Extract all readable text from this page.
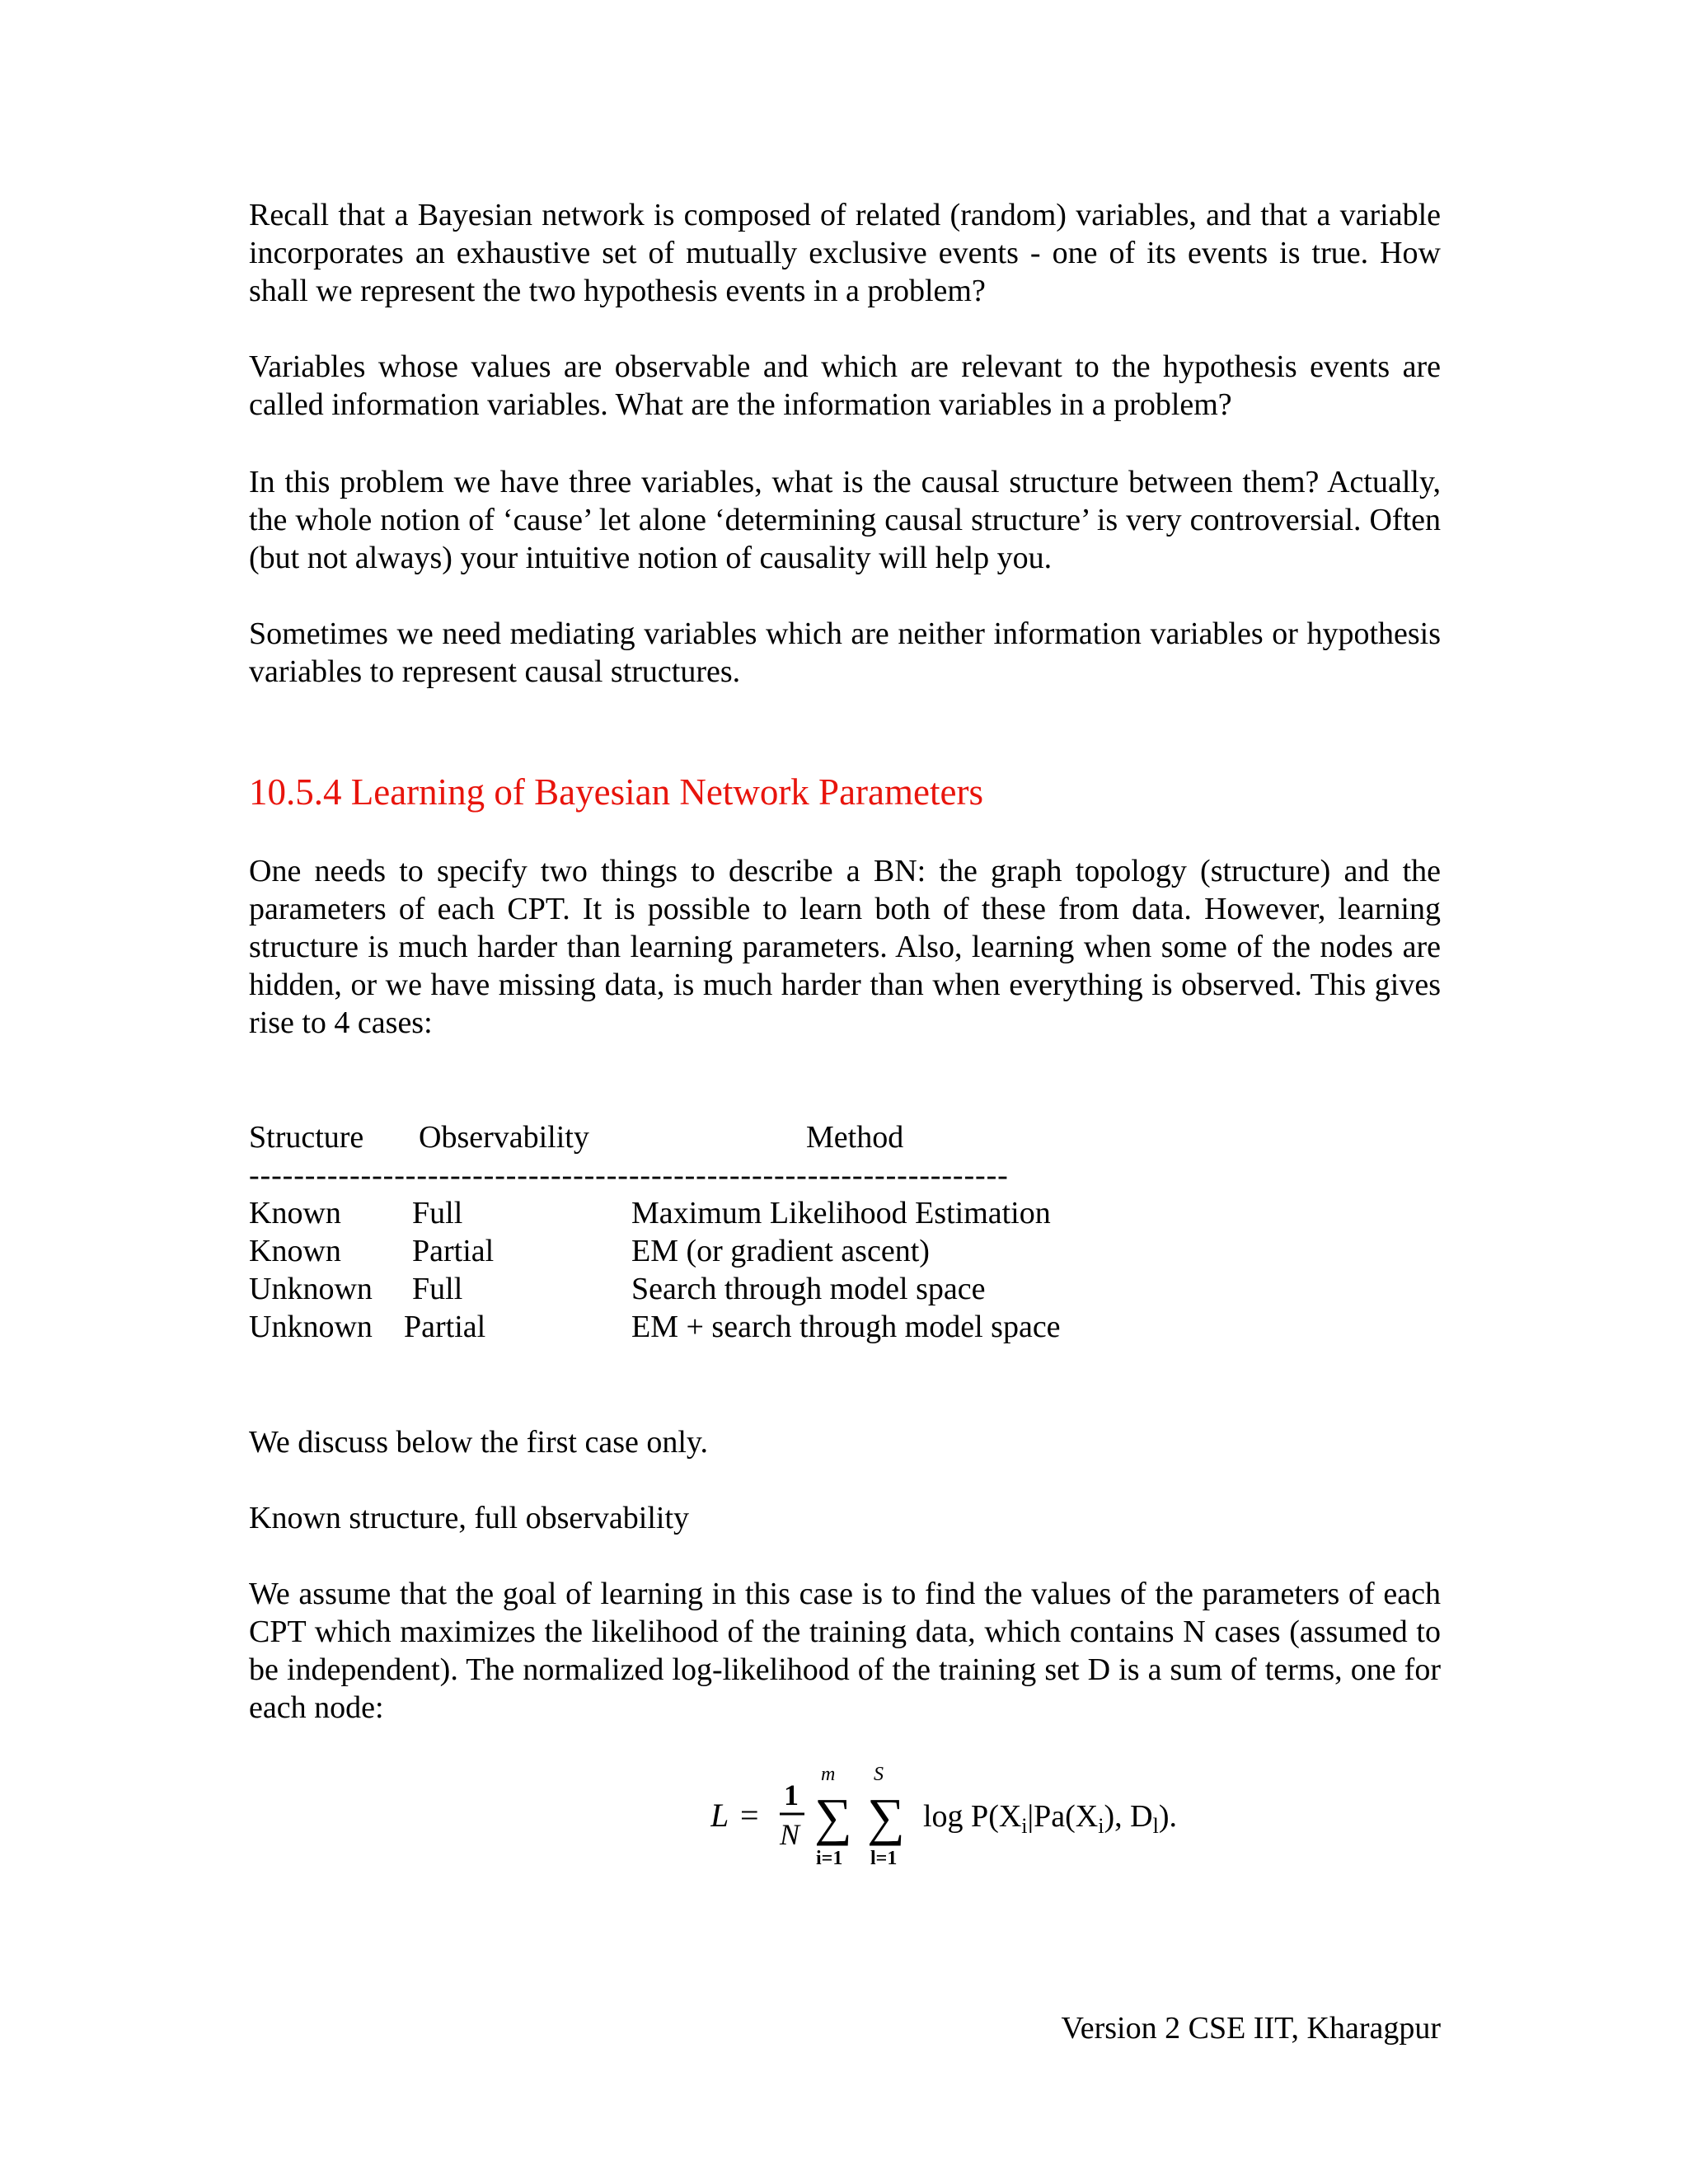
Recall that a Bayesian network is composed of related (random) variables, and that a variable incorporates an exhaustive set of mutually exclusive events - one of its events is true. How shall we represent the two hypothesis events in a problem?

Variables whose values are observable and which are relevant to the hypothesis events are called information variables. What are the information variables in a problem?

In this problem we have three variables, what is the causal structure between them? Actually, the whole notion of ‘cause’ let alone ‘determining causal structure’ is very controversial. Often (but not always) your intuitive notion of causality will help you.

Sometimes we need mediating variables which are neither information variables or hypothesis variables to represent causal structures.

10.5.4 Learning of Bayesian Network Parameters

One needs to specify two things to describe a BN: the graph topology (structure) and the parameters of each CPT. It is possible to learn both of these from data. However, learning structure is much harder than learning parameters. Also, learning when some of the nodes are hidden, or we have missing data, is much harder than when everything is observed. This gives rise to 4 cases:

Structure Observability	Method
--------------------------------------------------------------------
Known Full	Maximum Likelihood Estimation
Known Partial	EM (or gradient ascent)
Unknown Full	Search through model space
Unknown Partial	EM + search through model space

We discuss below the first case only.

Known structure, full observability

We assume that the goal of learning in this case is to find the values of the parameters of each CPT which maximizes the likelihood of the training data, which contains N cases (assumed to be independent). The normalized log-likelihood of the training set D is a sum of terms, one for each node:

L =
1
N
m
∑
i=1
S
∑
l=1
$\log P(X_i|Pa(X_i)$, $D_l$).
Version 2 CSE IIT, Kharagpur
